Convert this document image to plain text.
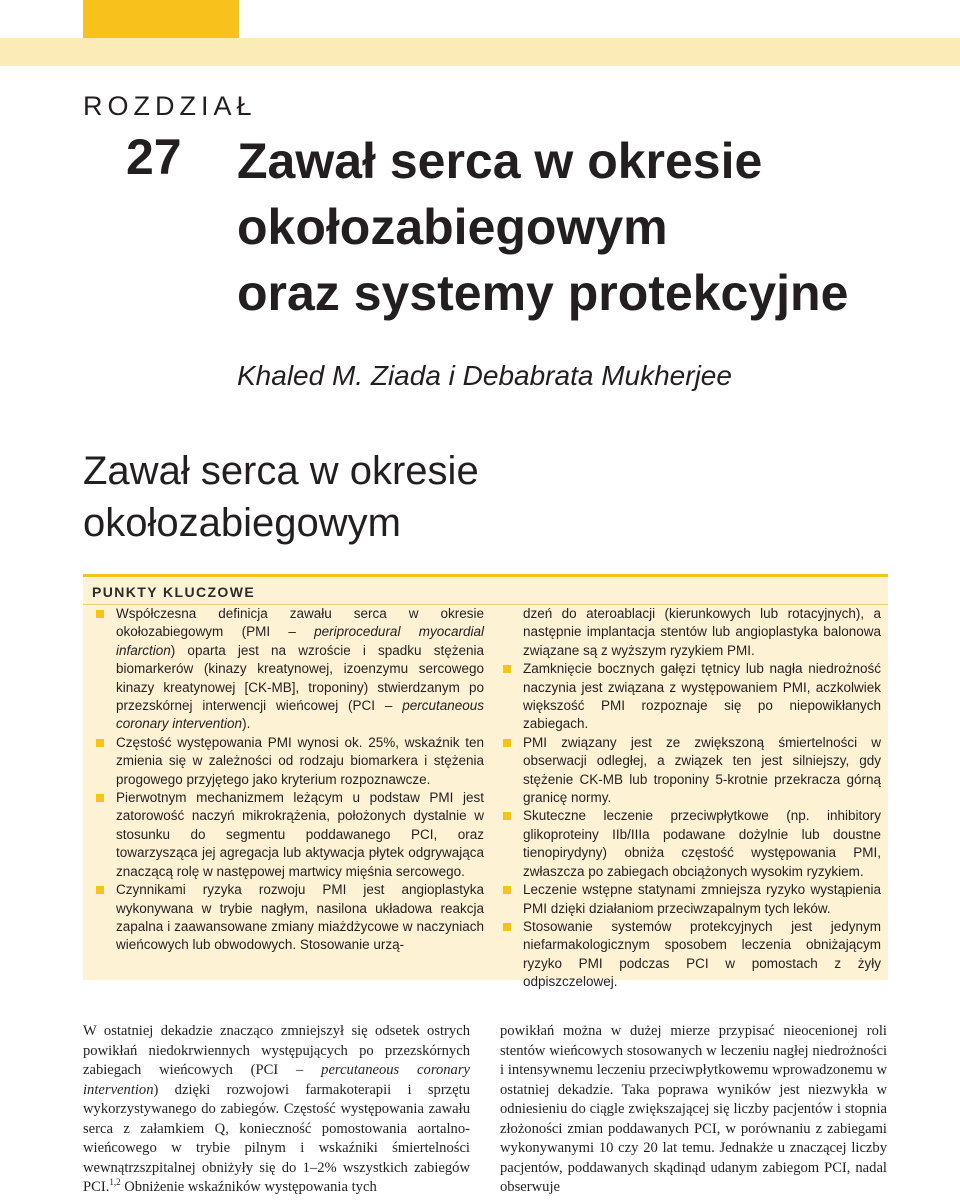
ROZDZIAŁ
27 Zawał serca w okresie
okołozabiegowym
oraz systemy protekcyjne
Khaled M. Ziada i Debabrata Mukherjee
Zawał serca w okresie
okołozabiegowym
PUNKTY KLUCZOWE
Współczesna definicja zawału serca w okresie okołozabiegowym (PMI – periprocedural myocardial infarction) oparta jest na wzroście i spadku stężenia biomarkerów (kinazy kreatynowej, izoenzymu sercowego kinazy kreatynowej [CK-MB], troponiny) stwierdzanym po przezskórnej interwencji wieńcowej (PCI – percutaneous coronary intervention).
Częstość występowania PMI wynosi ok. 25%, wskaźnik ten zmienia się w zależności od rodzaju biomarkera i stężenia progowego przyjętego jako kryterium rozpoznawcze.
Pierwotnym mechanizmem leżącym u podstaw PMI jest zatorowość naczyń mikrokrążenia, położonych dystalnie w stosunku do segmentu poddawanego PCI, oraz towarzysząca jej agregacja lub aktywacja płytek odgrywająca znaczącą rolę w następowej martwicy mięśnia sercowego.
Czynnikami ryzyka rozwoju PMI jest angioplastyka wykonywana w trybie nagłym, nasilona układowa reakcja zapalna i zaawansowane zmiany miażdżycowe w naczyniach wieńcowych lub obwodowych. Stosowanie urzą-
dzeń do ateroablacji (kierunkowych lub rotacyjnych), a następnie implantacja stentów lub angioplastyka balonowa związane są z wyższym ryzykiem PMI.
Zamknięcie bocznych gałęzi tętnicy lub nagła niedrożność naczynia jest związana z występowaniem PMI, aczkolwiek większość PMI rozpoznaje się po niepowikłanych zabiegach.
PMI związany jest ze zwiększoną śmiertelności w obserwacji odległej, a związek ten jest silniejszy, gdy stężenie CK-MB lub troponiny 5-krotnie przekracza górną granicę normy.
Skuteczne leczenie przeciwpłytkowe (np. inhibitory glikoproteiny IIb/IIIa podawane dożylnie lub doustne tienopirydyny) obniża częstość występowania PMI, zwłaszcza po zabiegach obciążonych wysokim ryzykiem.
Leczenie wstępne statynami zmniejsza ryzyko wystąpienia PMI dzięki działaniom przeciwzapalnym tych leków.
Stosowanie systemów protekcyjnych jest jedynym niefarmakologicznym sposobem leczenia obniżającym ryzyko PMI podczas PCI w pomostach z żyły odpiszczelowej.
W ostatniej dekadzie znacząco zmniejszył się odsetek ostrych powikłań niedokrwiennych występujących po przezskórnych zabiegach wieńcowych (PCI – percutaneous coronary intervention) dzięki rozwojowi farmakoterapii i sprzętu wykorzystywanego do zabiegów. Częstość występowania zawału serca z załamkiem Q, konieczność pomostowania aortalno-wieńcowego w trybie pilnym i wskaźniki śmiertelności wewnątrzszpitalnej obniżyły się do 1–2% wszystkich zabiegów PCI.$^{1,2}$ Obniżenie wskaźników występowania tych
powikłań można w dużej mierze przypisać nieocenionej roli stentów wieńcowych stosowanych w leczeniu nagłej niedrożności i intensywnemu leczeniu przeciwpłytkowemu wprowadzonemu w ostatniej dekadzie. Taka poprawa wyników jest niezwykła w odniesieniu do ciągle zwiększającej się liczby pacjentów i stopnia złożoności zmian poddawanych PCI, w porównaniu z zabiegami wykonywanymi 10 czy 20 lat temu. Jednakże u znaczącej liczby pacjentów, poddawanych skądinąd udanym zabiegom PCI, nadal obserwuje
